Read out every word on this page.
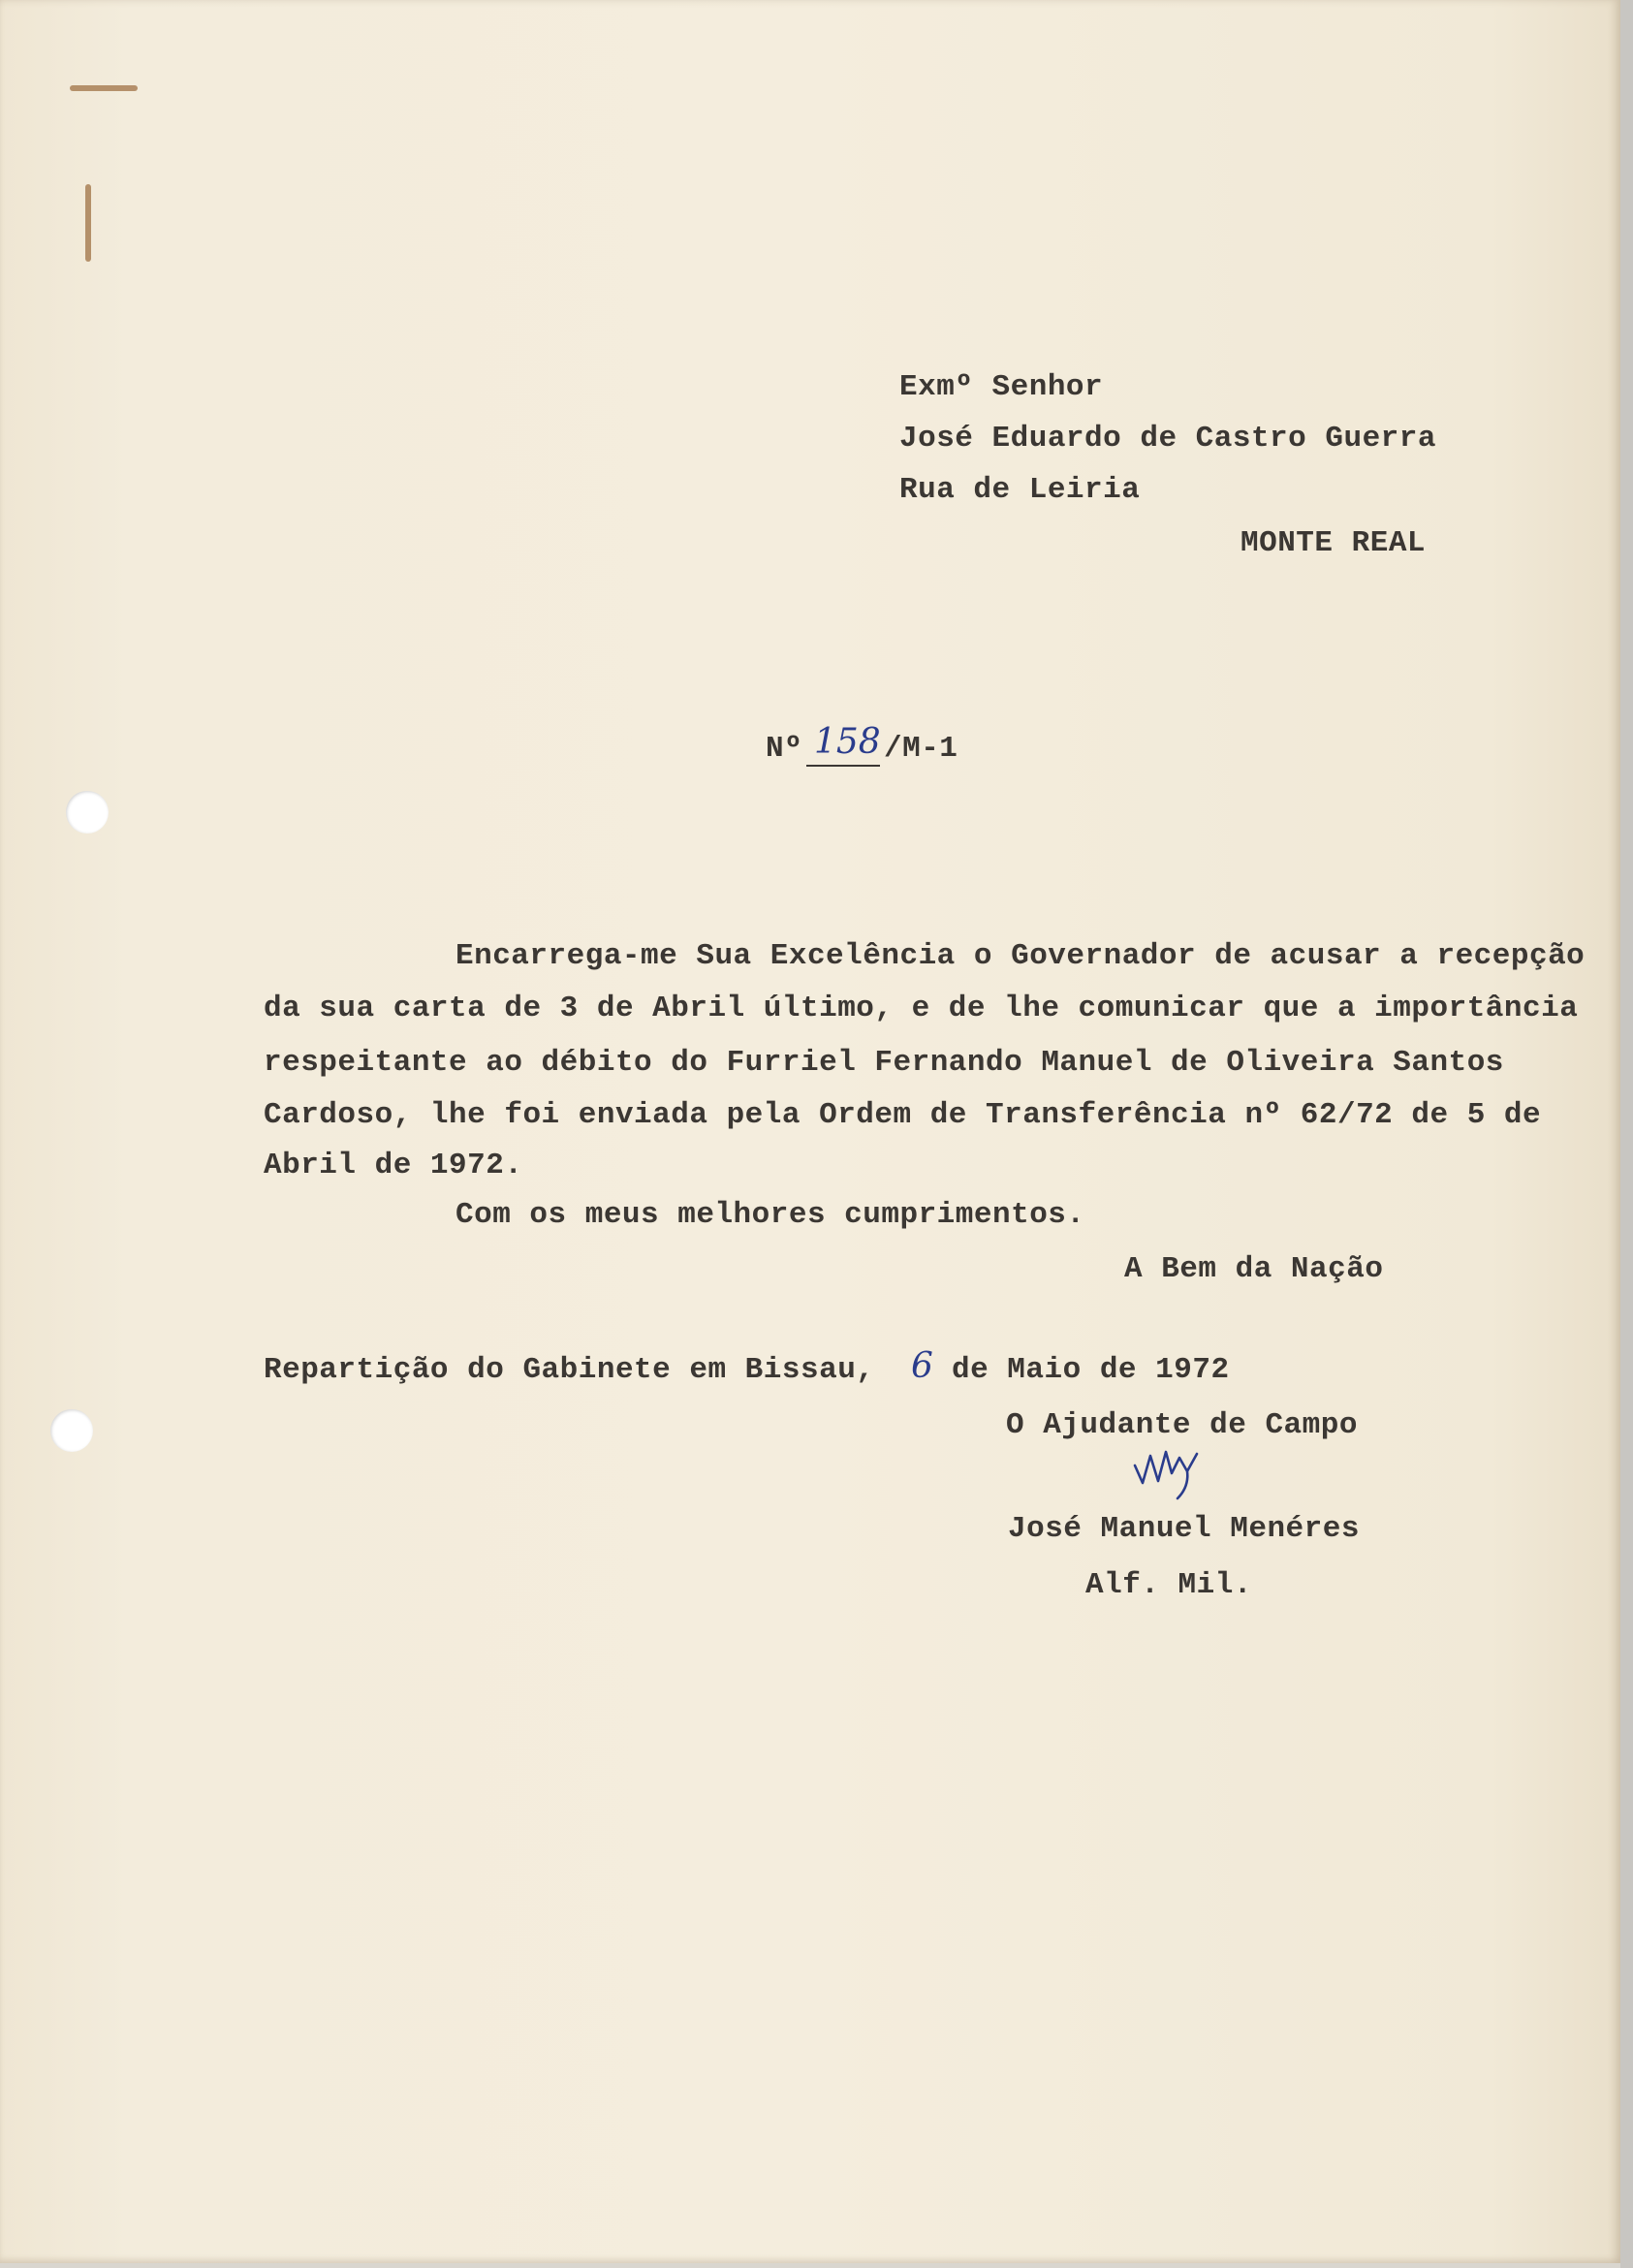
Exmº Senhor
José Eduardo de Castro Guerra
Rua de Leiria
MONTE REAL
Nº 158 /M-1
Encarrega-me Sua Excelência o Governador de acusar a recepção
da sua carta de 3 de Abril último, e de lhe comunicar que a importância
respeitante ao débito do Furriel Fernando Manuel de Oliveira Santos
Cardoso, lhe foi enviada pela Ordem de Transferência nº 62/72 de 5 de
Abril de 1972.
Com os meus melhores cumprimentos.
A Bem da Nação
Repartição do Gabinete em Bissau, 6 de Maio de 1972
O Ajudante de Campo
José Manuel Menéres
Alf. Mil.
